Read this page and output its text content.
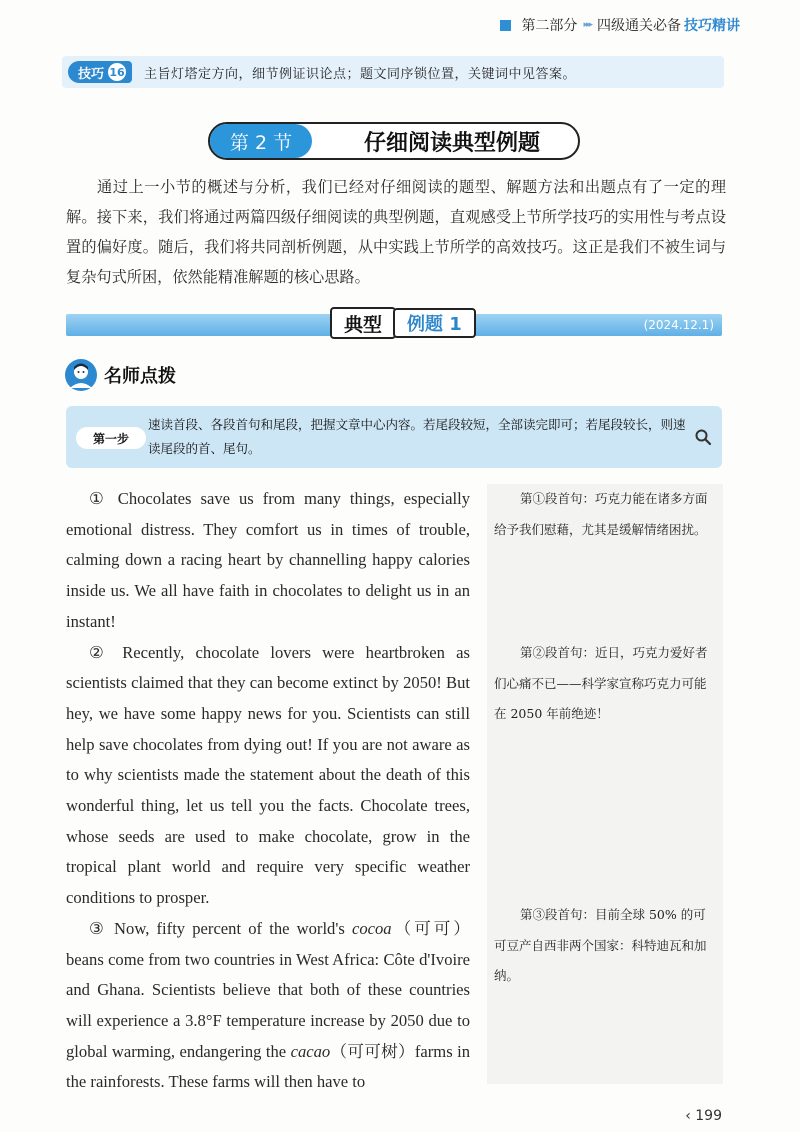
第二部分 ▸▸▸ 四级通关必备 技巧精讲
技巧 16 主旨灯塔定方向，细节例证识论点；题文同序锁位置，关键词中见答案。
第 2 节	仔细阅读典型例题

通过上一小节的概述与分析，我们已经对仔细阅读的题型、解题方法和出题点有了一定的理解。接下来，我们将通过两篇四级仔细阅读的典型例题，直观感受上节所学技巧的实用性与考点设置的偏好度。随后，我们将共同剖析例题，从中实践上节所学的高效技巧。这正是我们不被生词与复杂句式所困，依然能精准解题的核心思路。

(2024.12.1)
典型	例题 1
名师点拨
第一步

速读首段、各段首句和尾段，把握文章中心内容。若尾段较短，全部读完即可；若尾段较长，则速读尾段的首、尾句。

① Chocolates save us from many things, especially emotional distress. They comfort us in times of trouble, calming down a racing heart by channelling happy calories inside us. We all have faith in chocolates to delight us in an instant!

② Recently, chocolate lovers were heartbroken as scientists claimed that they can become extinct by 2050! But hey, we have some happy news for you. Scientists can still help save chocolates from dying out! If you are not aware as to why scientists made the statement about the death of this wonderful thing, let us tell you the facts. Chocolate trees, whose seeds are used to make chocolate, grow in the tropical plant world and require very specific weather conditions to prosper.

③ Now, fifty percent of the world's cocoa（可可）beans come from two countries in West Africa: Côte d'Ivoire and Ghana. Scientists believe that both of these countries will experience a 3.8°F temperature increase by 2050 due to global warming, endangering the cacao（可可树）farms in the rainforests. These farms will then have to

第①段首句：巧克力能在诸多方面给予我们慰藉，尤其是缓解情绪困扰。

第②段首句：近日，巧克力爱好者们心痛不已——科学家宣称巧克力可能在 2050 年前绝迹！

第③段首句：目前全球 50% 的可可豆产自西非两个国家：科特迪瓦和加纳。

‹ 199
